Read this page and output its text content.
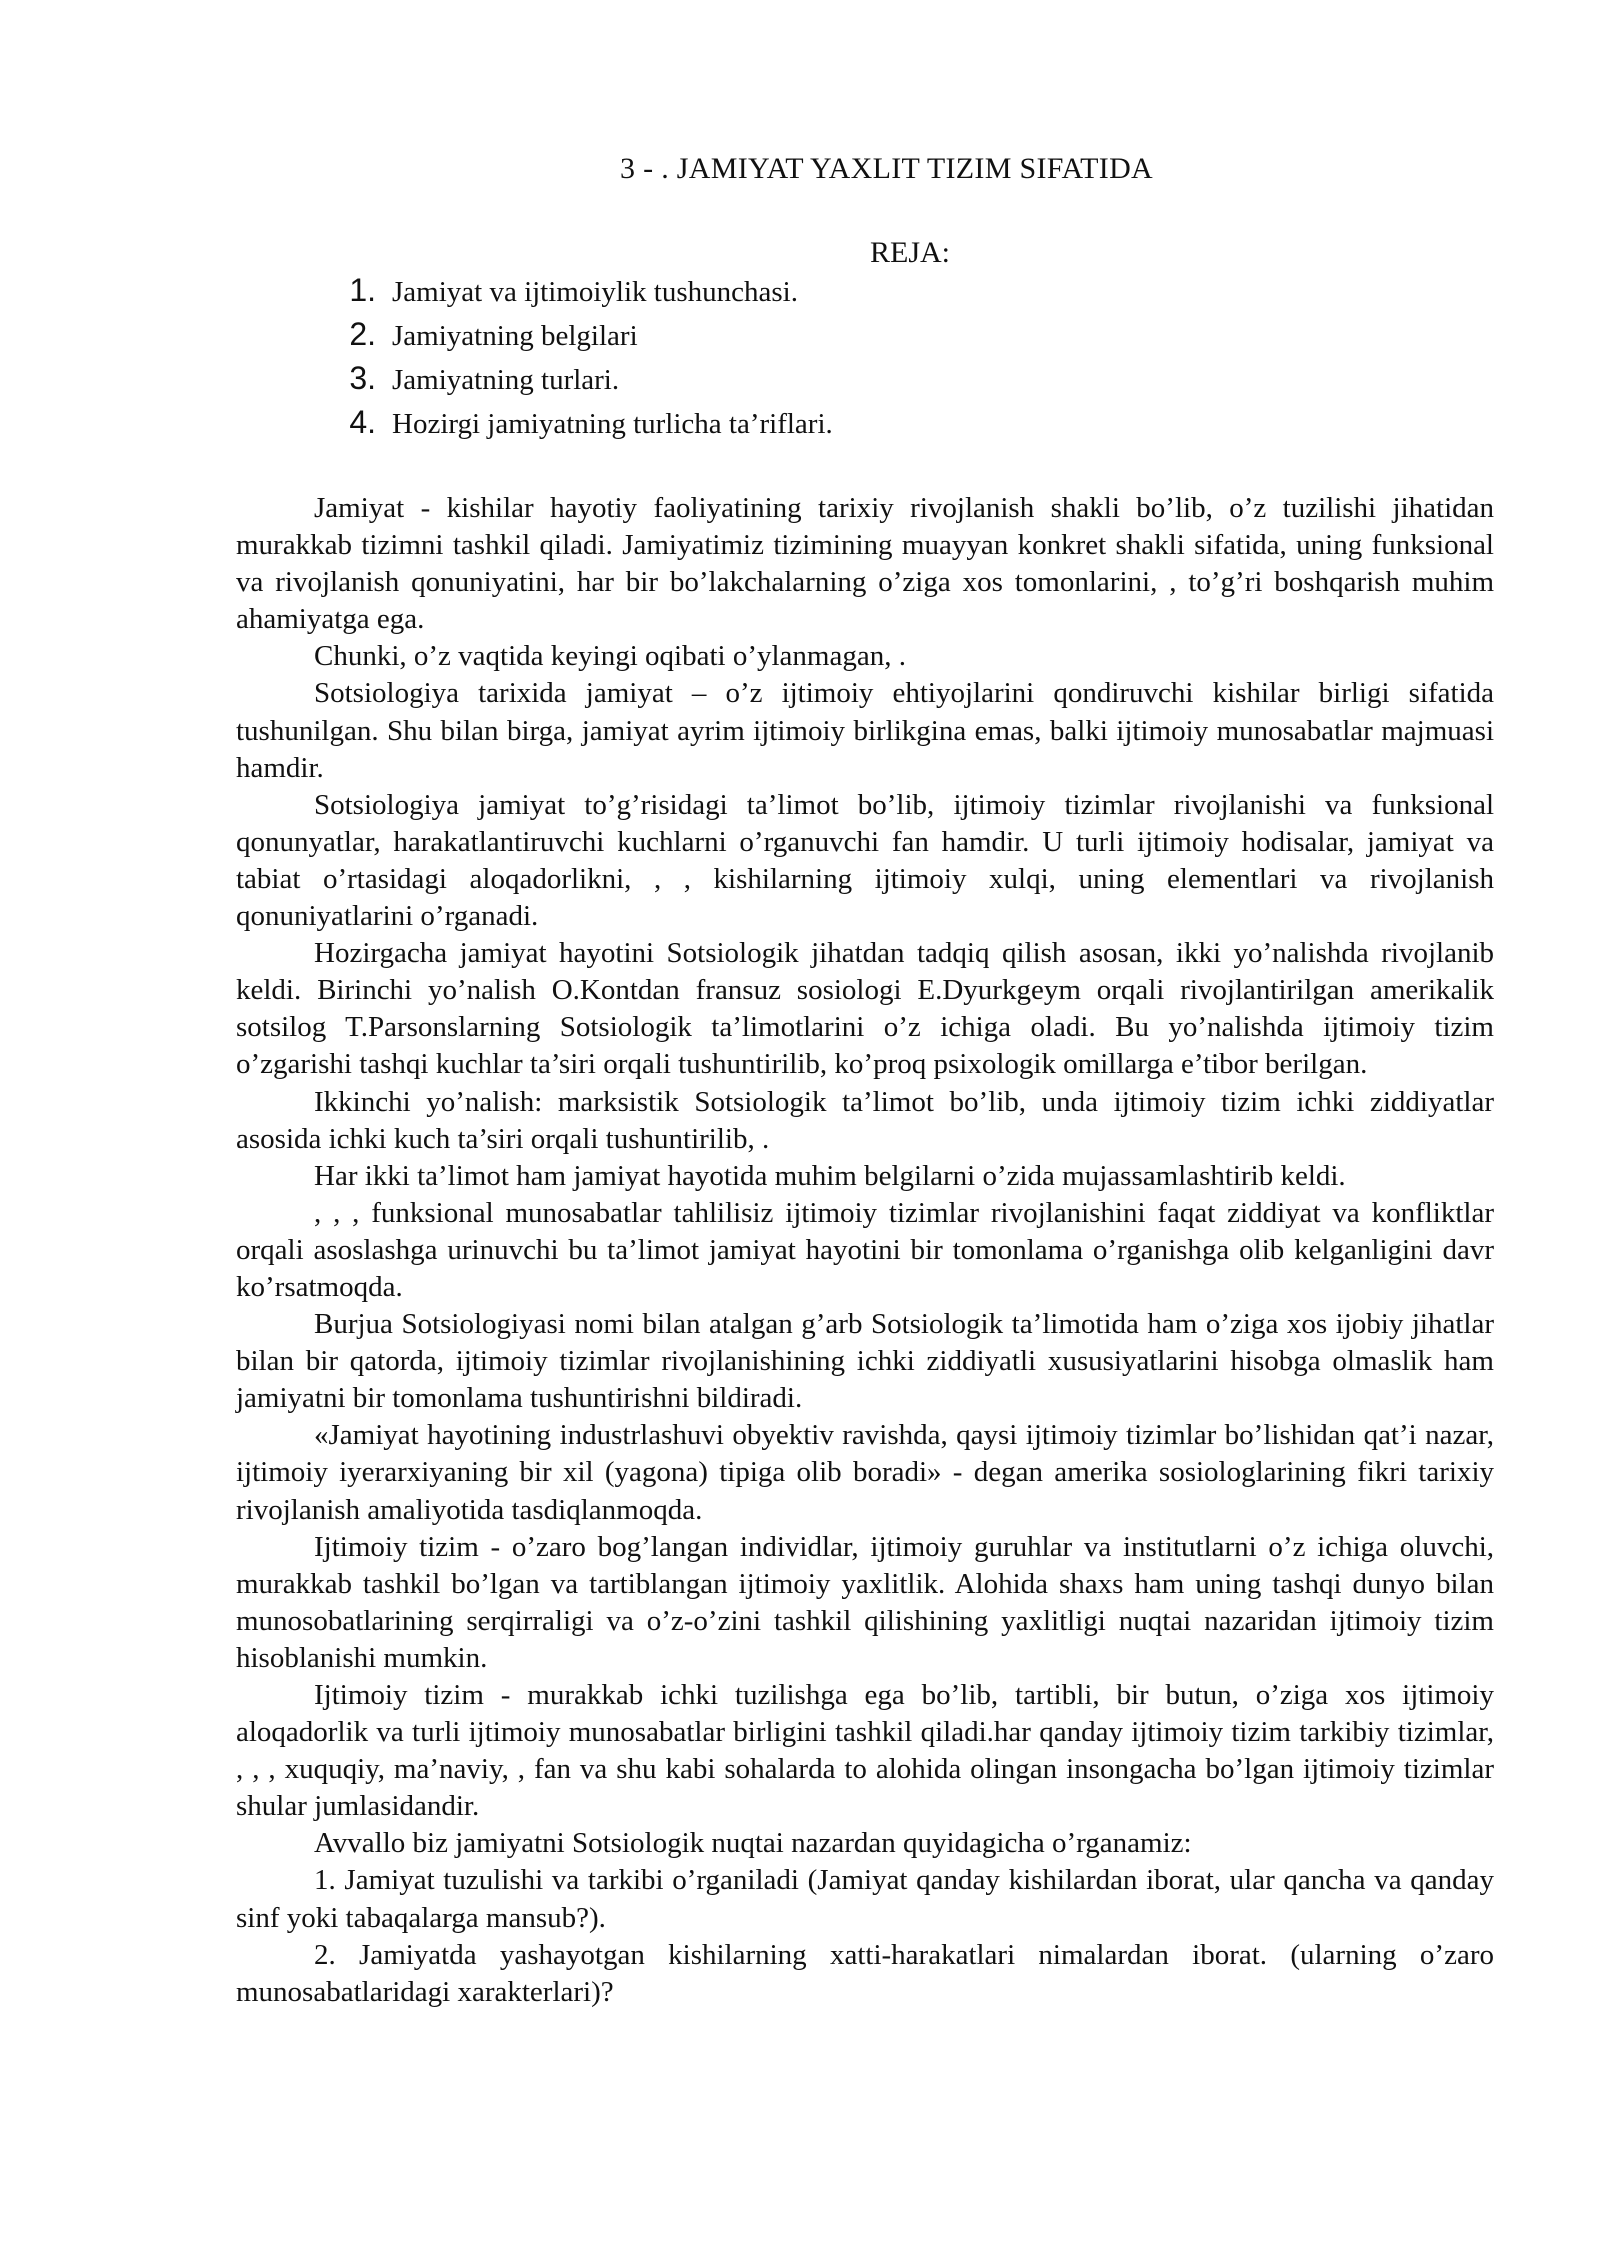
3 - . JAMIYAT YAXLIT TIZIM SIFATIDA
REJA:
1. Jamiyat va ijtimoiylik tushunchasi.
2. Jamiyatning belgilari
3. Jamiyatning turlari.
4. Hozirgi jamiyatning turlicha ta’riflari.

Jamiyat - kishilar hayotiy faoliyatining tarixiy rivojlanish shakli bo’lib, o’z tuzilishi jihatidan murakkab tizimni tashkil qiladi. Jamiyatimiz tizimining muayyan konkret shakli sifatida, uning funksional va rivojlanish qonuniyatini, har bir bo’lakchalarning o’ziga xos tomonlarini, , to’g’ri boshqarish muhim ahamiyatga ega.

Chunki, o’z vaqtida keyingi oqibati o’ylanmagan, .

Sotsiologiya tarixida jamiyat – o’z ijtimoiy ehtiyojlarini qondiruvchi kishilar birligi sifatida tushunilgan. Shu bilan birga, jamiyat ayrim ijtimoiy birlikgina emas, balki ijtimoiy munosabatlar majmuasi hamdir.

Sotsiologiya jamiyat to’g’risidagi ta’limot bo’lib, ijtimoiy tizimlar rivojlanishi va funksional qonunyatlar, harakatlantiruvchi kuchlarni o’rganuvchi fan hamdir. U turli ijtimoiy hodisalar, jamiyat va tabiat o’rtasidagi aloqadorlikni, , , kishilarning ijtimoiy xulqi, uning elementlari va rivojlanish qonuniyatlarini o’rganadi.

Hozirgacha jamiyat hayotini Sotsiologik jihatdan tadqiq qilish asosan, ikki yo’nalishda rivojlanib keldi. Birinchi yo’nalish O.Kontdan fransuz sosiologi E.Dyurkgeym orqali rivojlantirilgan amerikalik sotsilog T.Parsonslarning Sotsiologik ta’limotlarini o’z ichiga oladi. Bu yo’nalishda ijtimoiy tizim o’zgarishi tashqi kuchlar ta’siri orqali tushuntirilib, ko’proq psixologik omillarga e’tibor berilgan.

Ikkinchi yo’nalish: marksistik Sotsiologik ta’limot bo’lib, unda ijtimoiy tizim ichki ziddiyatlar asosida ichki kuch ta’siri orqali tushuntirilib, .

Har ikki ta’limot ham jamiyat hayotida muhim belgilarni o’zida mujassamlashtirib keldi.

, , , funksional munosabatlar tahlilisiz ijtimoiy tizimlar rivojlanishini faqat ziddiyat va konfliktlar orqali asoslashga urinuvchi bu ta’limot jamiyat hayotini bir tomonlama o’rganishga olib kelganligini davr ko’rsatmoqda.

Burjua Sotsiologiyasi nomi bilan atalgan g’arb Sotsiologik ta’limotida ham o’ziga xos ijobiy jihatlar bilan bir qatorda, ijtimoiy tizimlar rivojlanishining ichki ziddiyatli xususiyatlarini hisobga olmaslik ham jamiyatni bir tomonlama tushuntirishni bildiradi.

«Jamiyat hayotining industrlashuvi obyektiv ravishda, qaysi ijtimoiy tizimlar bo’lishidan qat’i nazar, ijtimoiy iyerarxiyaning bir xil (yagona) tipiga olib boradi» - degan amerika sosiologlarining fikri tarixiy rivojlanish amaliyotida tasdiqlanmoqda.

Ijtimoiy tizim - o’zaro bog’langan individlar, ijtimoiy guruhlar va institutlarni o’z ichiga oluvchi, murakkab tashkil bo’lgan va tartiblangan ijtimoiy yaxlitlik. Alohida shaxs ham uning tashqi dunyo bilan munosobatlarining serqirraligi va o’z-o’zini tashkil qilishining yaxlitligi nuqtai nazaridan ijtimoiy tizim hisoblanishi mumkin.

Ijtimoiy tizim - murakkab ichki tuzilishga ega bo’lib, tartibli, bir butun, o’ziga xos ijtimoiy aloqadorlik va turli ijtimoiy munosabatlar birligini tashkil qiladi.har qanday ijtimoiy tizim tarkibiy tizimlar, , , , xuquqiy, ma’naviy, , fan va shu kabi sohalarda to alohida olingan insongacha bo’lgan ijtimoiy tizimlar shular jumlasidandir.

Avvallo biz jamiyatni Sotsiologik nuqtai nazardan quyidagicha o’rganamiz:

1. Jamiyat tuzulishi va tarkibi o’rganiladi (Jamiyat qanday kishilardan iborat, ular qancha va qanday sinf yoki tabaqalarga mansub?).

2. Jamiyatda yashayotgan kishilarning xatti-harakatlari nimalardan iborat. (ularning o’zaro munosabatlaridagi xarakterlari)?
